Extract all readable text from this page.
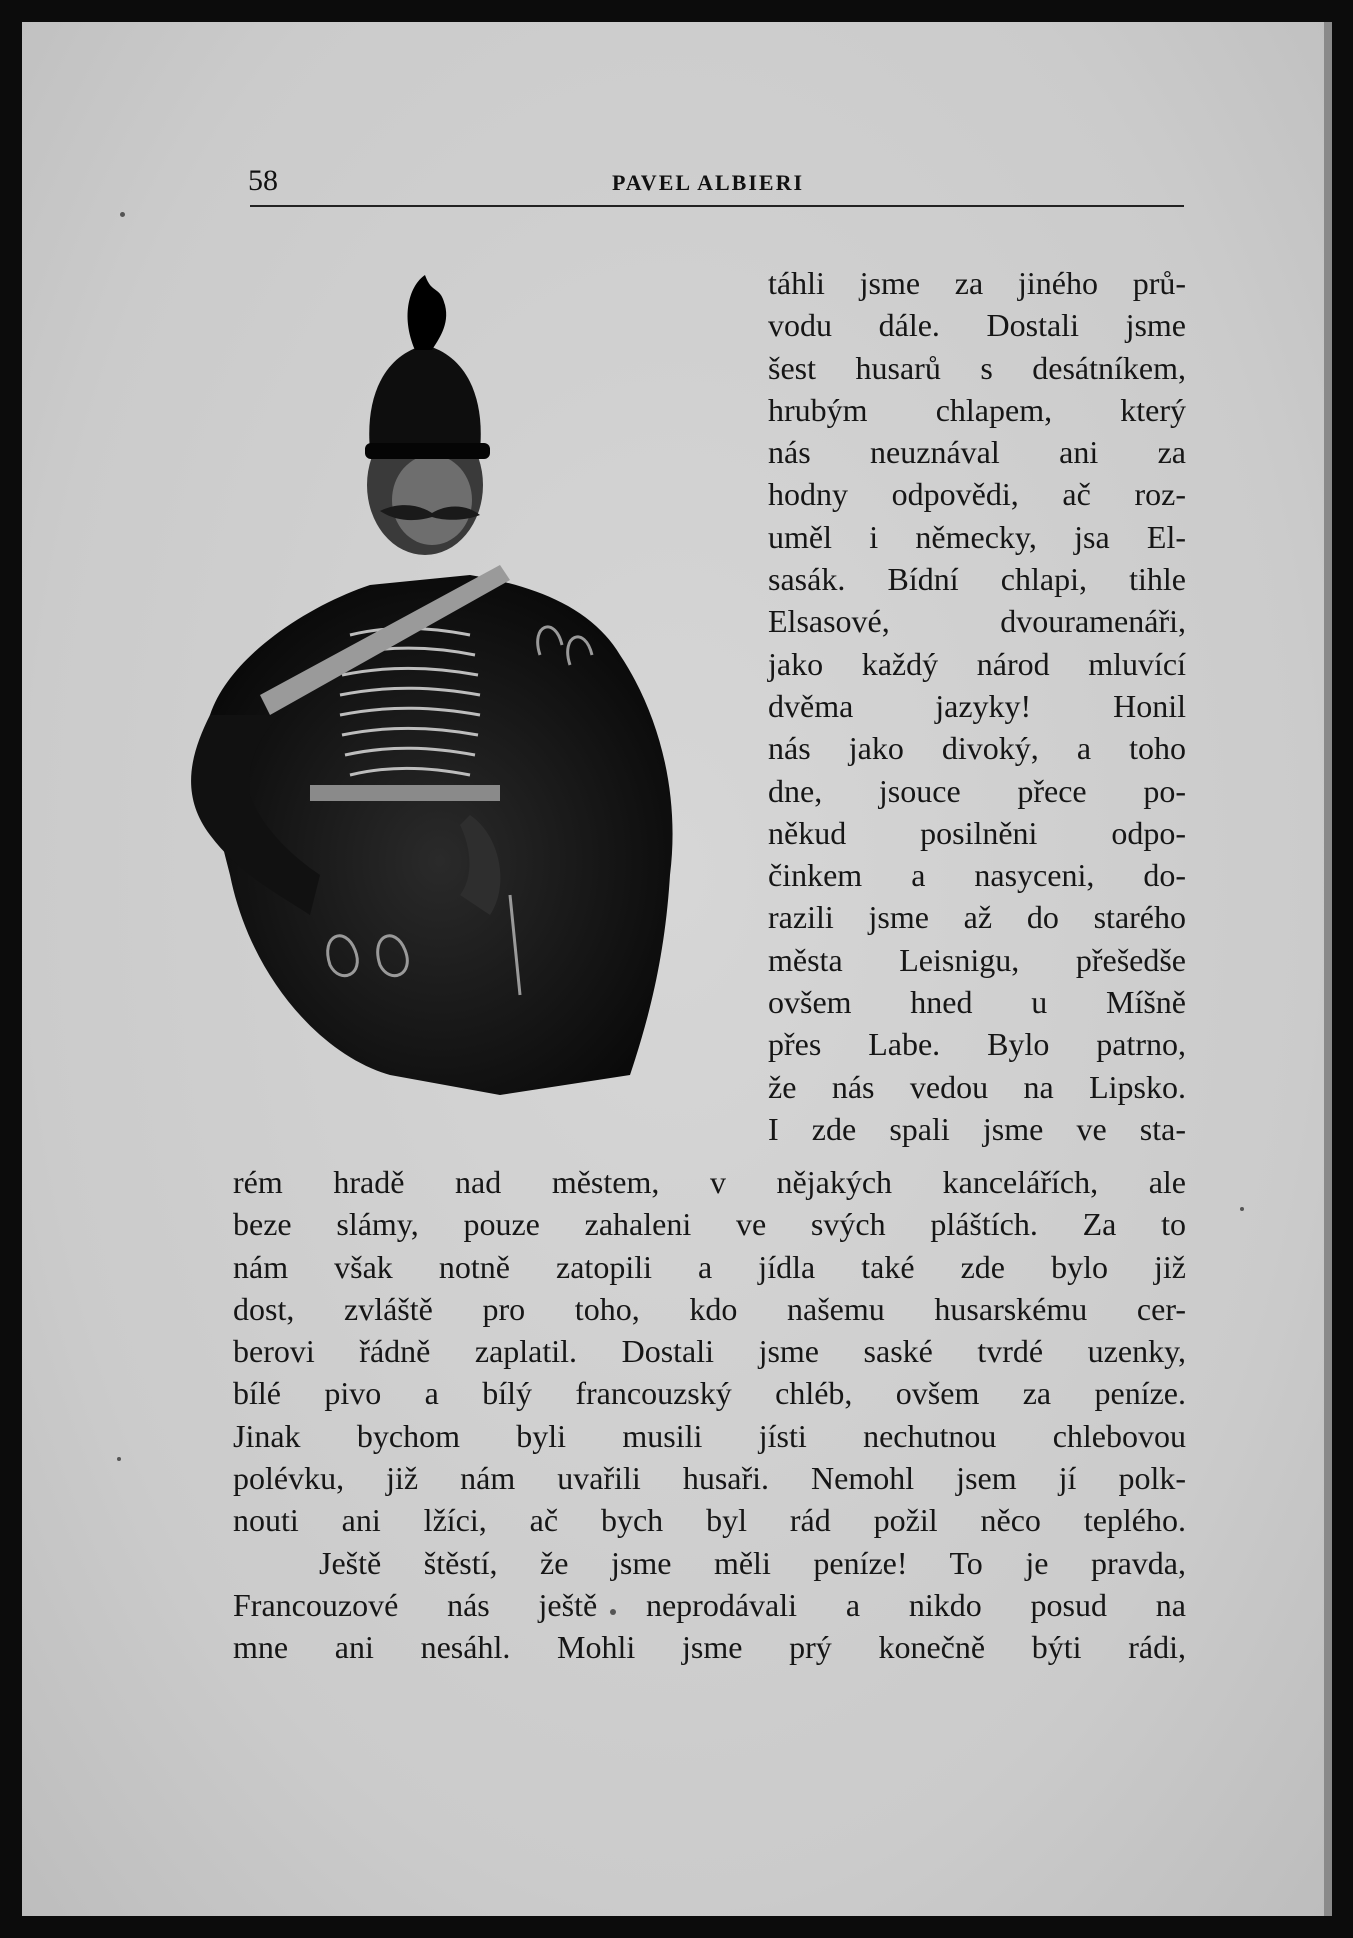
58	PAVEL ALBIERI
táhli jsme za jiného prů-
vodu dále. Dostali jsme
šest husarů s desátníkem,
hrubým chlapem, který
nás neuznával ani za
hodny odpovědi, ač roz-
uměl i německy, jsa El-
sasák. Bídní chlapi, tihle
Elsasové, dvouramenáři,
jako každý národ mluvící
dvěma jazyky! Honil
nás jako divoký, a toho
dne, jsouce přece po-
někud posilněni odpo-
činkem a nasyceni, do-
razili jsme až do starého
města Leisnigu, přešedše
ovšem hned u Míšně
přes Labe. Bylo patrno,
že nás vedou na Lipsko.
I zde spali jsme ve sta-
rém hradě nad městem, v nějakých kancelářích, ale
beze slámy, pouze zahaleni ve svých pláštích. Za to
nám však notně zatopili a jídla také zde bylo již
dost, zvláště pro toho, kdo našemu husarskému cer-
berovi řádně zaplatil. Dostali jsme saské tvrdé uzenky,
bílé pivo a bílý francouzský chléb, ovšem za peníze.
Jinak bychom byli musili jísti nechutnou chlebovou
polévku, již nám uvařili husaři. Nemohl jsem jí polk-
nouti ani lžíci, ač bych byl rád požil něco teplého.
Ještě štěstí, že jsme měli peníze! To je pravda,
Francouzové nás ještě neprodávali a nikdo posud na
mne ani nesáhl. Mohli jsme prý konečně býti rádi,
